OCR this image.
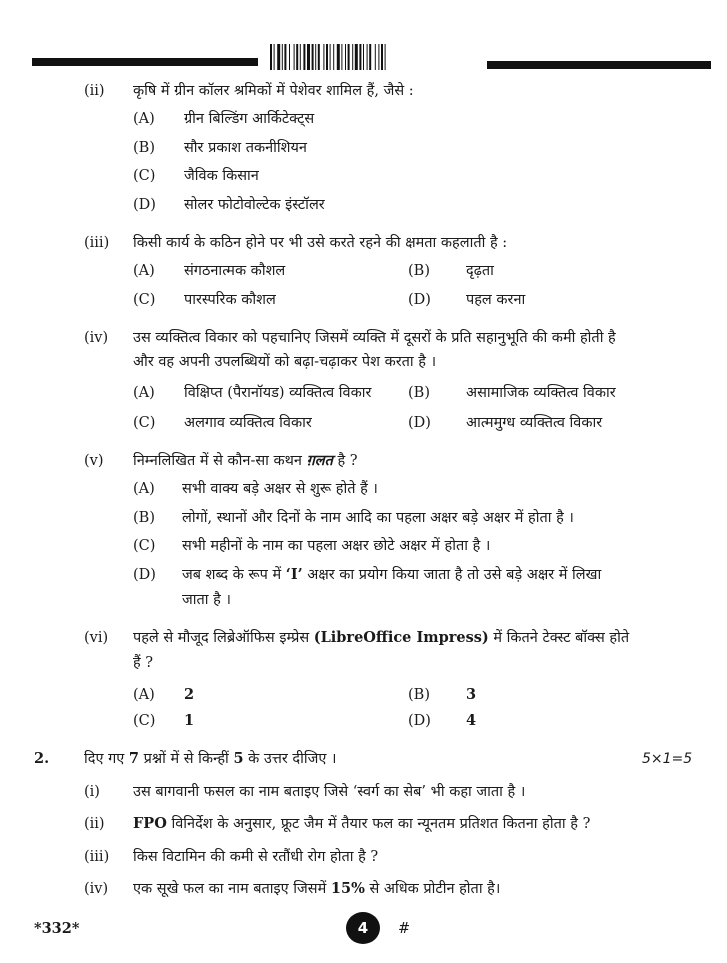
(ii) कृषि में ग्रीन कॉलर श्रमिकों में पेशेवर शामिल हैं, जैसे :
(A) ग्रीन बिल्डिंग आर्किटेक्ट्स
(B) सौर प्रकाश तकनीशियन
(C) जैविक किसान
(D) सोलर फोटोवोल्टेक इंस्टॉलर
(iii) किसी कार्य के कठिन होने पर भी उसे करते रहने की क्षमता कहलाती है :
(A) संगठनात्मक कौशल	(B) दृढ़ता
(C) पारस्परिक कौशल	(D) पहल करना
(iv) उस व्यक्तित्व विकार को पहचानिए जिसमें व्यक्ति में दूसरों के प्रति सहानुभूति की कमी होती है
और वह अपनी उपलब्धियों को बढ़ा-चढ़ाकर पेश करता है ।
(A) विक्षिप्त (पैरानॉयड) व्यक्तित्व विकार	(B) असामाजिक व्यक्तित्व विकार
(C) अलगाव व्यक्तित्व विकार	(D) आत्ममुग्ध व्यक्तित्व विकार
(v) निम्नलिखित में से कौन-सा कथन ग़लत है ?
(A) सभी वाक्य बड़े अक्षर से शुरू होते हैं ।
(B) लोगों, स्थानों और दिनों के नाम आदि का पहला अक्षर बड़े अक्षर में होता है ।
(C) सभी महीनों के नाम का पहला अक्षर छोटे अक्षर में होता है ।
(D) जब शब्द के रूप में ‘I’ अक्षर का प्रयोग किया जाता है तो उसे बड़े अक्षर में लिखा
जाता है ।
(vi) पहले से मौजूद लिब्रेऑफिस इम्प्रेस (LibreOffice Impress) में कितने टेक्स्ट बॉक्स होते
हैं ?
(A) 2	(B) 3
(C) 1	(D) 4
2. दिए गए 7 प्रश्नों में से किन्हीं 5 के उत्तर दीजिए ।	5×1=5
(i) उस बागवानी फसल का नाम बताइए जिसे ‘स्वर्ग का सेब’ भी कहा जाता है ।
(ii) FPO विनिर्देश के अनुसार, फ्रूट जैम में तैयार फल का न्यूनतम प्रतिशत कितना होता है ?
(iii) किस विटामिन की कमी से रतौंधी रोग होता है ?
(iv) एक सूखे फल का नाम बताइए जिसमें 15% से अधिक प्रोटीन होता है।
*332*	4	#
